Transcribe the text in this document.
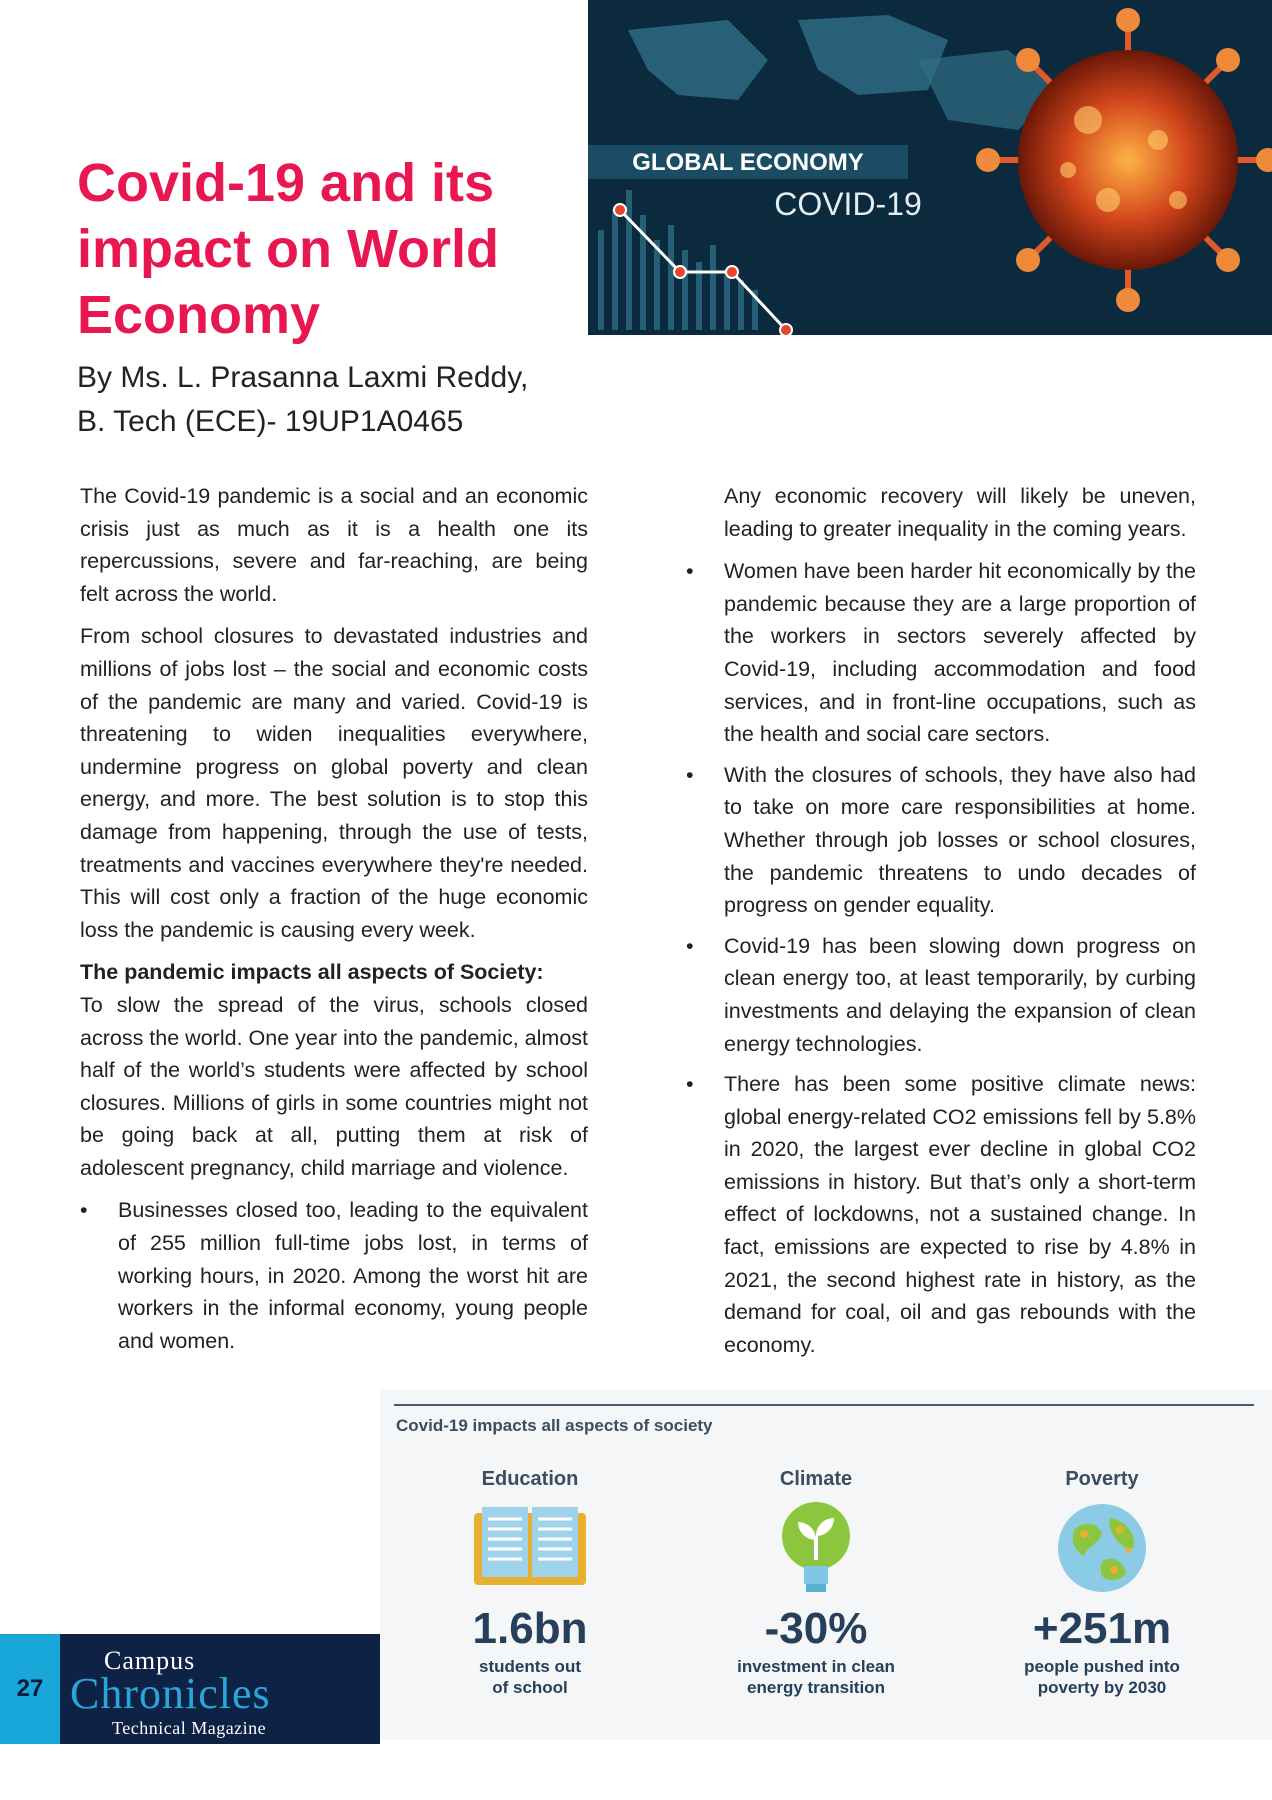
Covid-19 and its impact on World Economy
By Ms. L. Prasanna Laxmi Reddy,
B. Tech (ECE)- 19UP1A0465
GLOBAL ECONOMY
COVID-19

The Covid-19 pandemic is a social and an economic crisis just as much as it is a health one its repercussions, severe and far-reaching, are being felt across the world.

From school closures to devastated industries and millions of jobs lost – the social and economic costs of the pandemic are many and varied. Covid-19 is threatening to widen inequalities everywhere, undermine progress on global poverty and clean energy, and more. The best solution is to stop this damage from happening, through the use of tests, treatments and vaccines everywhere they're needed. This will cost only a fraction of the huge economic loss the pandemic is causing every week.

The pandemic impacts all aspects of Society:
To slow the spread of the virus, schools closed across the world. One year into the pandemic, almost half of the world’s students were affected by school closures. Millions of girls in some countries might not be going back at all, putting them at risk of adolescent pregnancy, child marriage and violence.

• Businesses closed too, leading to the equivalent of 255 million full-time jobs lost, in terms of working hours, in 2020. Among the worst hit are workers in the informal economy, young people and women.

Any economic recovery will likely be uneven, leading to greater inequality in the coming years.

• Women have been harder hit economically by the pandemic because they are a large proportion of the workers in sectors severely affected by Covid-19, including accommodation and food services, and in front-line occupations, such as the health and social care sectors.
• With the closures of schools, they have also had to take on more care responsibilities at home. Whether through job losses or school closures, the pandemic threatens to undo decades of progress on gender equality.
• Covid-19 has been slowing down progress on clean energy too, at least temporarily, by curbing investments and delaying the expansion of clean energy technologies.
• There has been some positive climate news: global energy-related CO2 emissions fell by 5.8% in 2020, the largest ever decline in global CO2 emissions in history. But that’s only a short-term effect of lockdowns, not a sustained change. In fact, emissions are expected to rise by 4.8% in 2021, the second highest rate in history, as the demand for coal, oil and gas rebounds with the economy.
Covid-19 impacts all aspects of society
Education
1.6bn
students out
of school
Climate
-30%
investment in clean
energy transition
Poverty
+251m
people pushed into
poverty by 2030
27
Campus
Chronicles
Technical Magazine
